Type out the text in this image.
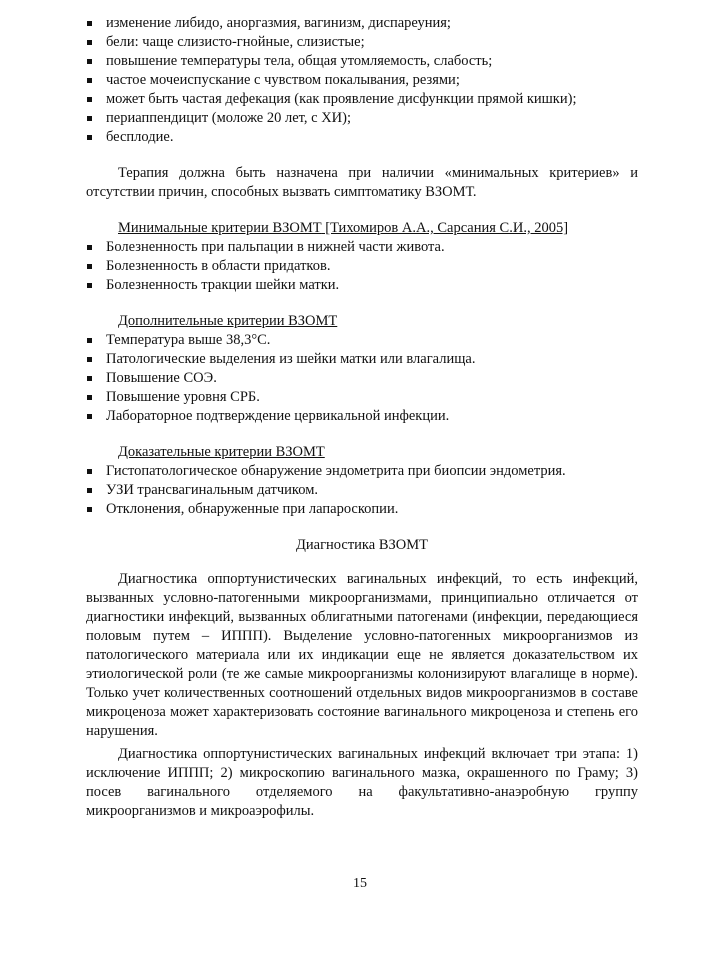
изменение либидо, аноргазмия, вагинизм, диспареуния;
бели: чаще слизисто-гнойные, слизистые;
повышение температуры тела, общая утомляемость, слабость;
частое мочеиспускание с чувством покалывания, резями;
может быть частая дефекация (как проявление дисфункции прямой кишки);
периаппендицит (моложе 20 лет, с ХИ);
бесплодие.

Терапия должна быть назначена при наличии «минимальных критериев» и отсутствии причин, способных вызвать симптоматику ВЗОМТ.

Минимальные критерии ВЗОМТ [Тихомиров А.А., Сарсания С.И., 2005]

Болезненность при пальпации в нижней части живота.
Болезненность в области придатков.
Болезненность тракции шейки матки.

Дополнительные критерии ВЗОМТ

Температура выше 38,3°С.
Патологические выделения из шейки матки или влагалища.
Повышение СОЭ.
Повышение уровня СРБ.
Лабораторное подтверждение цервикальной инфекции.

Доказательные критерии ВЗОМТ

Гистопатологическое обнаружение эндометрита при биопсии эндометрия.
УЗИ трансвагинальным датчиком.
Отклонения, обнаруженные при лапароскопии.

Диагностика ВЗОМТ

Диагностика оппортунистических вагинальных инфекций, то есть инфекций, вызванных условно-патогенными микроорганизмами, принципиально отличается от диагностики инфекций, вызванных облигатными патогенами (инфекции, передающиеся половым путем – ИППП). Выделение условно-патогенных микроорганизмов из патологического материала или их индикации еще не является доказательством их этиологической роли (те же самые микроорганизмы колонизируют влагалище в норме). Только учет количественных соотношений отдельных видов микроорганизмов в составе микроценоза может характеризовать состояние вагинального микроценоза и степень его нарушения.

Диагностика оппортунистических вагинальных инфекций включает три этапа: 1) исключение ИППП; 2) микроскопию вагинального мазка, окрашенного по Граму; 3) посев вагинального отделяемого на факультативно-анаэробную группу микроорганизмов и микроаэрофилы.

15
